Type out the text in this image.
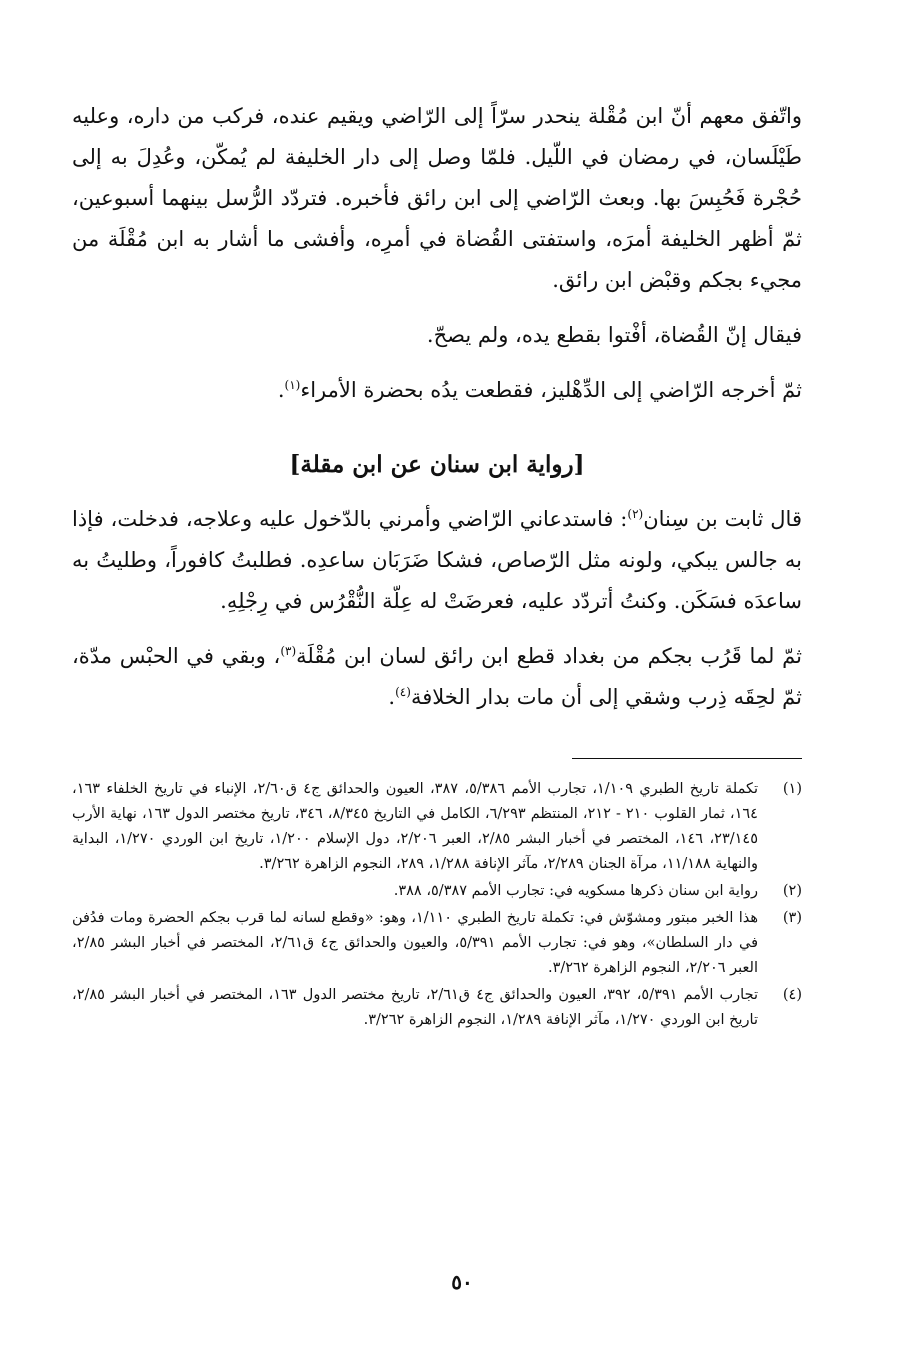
واتّفق معهم أنّ ابن مُقْلة ينحدر سرّاً إلى الرّاضي ويقيم عنده، فركب من داره، وعليه طَيْلَسان، في رمضان في اللّيل. فلمّا وصل إلى دار الخليفة لم يُمكّن، وعُدِلَ به إلى حُجْرة فَحُبِسَ بها. وبعث الرّاضي إلى ابن رائق فأخبره. فتردّد الرُّسل بينهما أسبوعين، ثمّ أظهر الخليفة أمرَه، واستفتى القُضاة في أمرِه، وأفشى ما أشار به ابن مُقْلَة من مجيء بجكم وقبْض ابن رائق.

فيقال إنّ القُضاة، أفْتوا بقطع يده، ولم يصحّ.

ثمّ أخرجه الرّاضي إلى الدِّهْليز، فقطعت يدُه بحضرة الأمراء$^{(١)}$.

[رواية ابن سنان عن ابن مقلة]

قال ثابت بن سِنان$^{(٢)}$: فاستدعاني الرّاضي وأمرني بالدّخول عليه وعلاجه، فدخلت، فإذا به جالس يبكي، ولونه مثل الرّصاص، فشكا ضَرَبَان ساعدِه. فطلبتُ كافوراً، وطليتُ به ساعدَه فسَكَن. وكنتُ أتردّد عليه، فعرضَتْ له عِلّة النُّقْرُس في رِجْلِهِ.

ثمّ لما قَرُب بجكم من بغداد قطع ابن رائق لسان ابن مُقْلَة$^{(٣)}$، وبقي في الحبْس مدّة، ثمّ لحِقَه ذِرب وشقي إلى أن مات بدار الخلافة$^{(٤)}$.

(١)
تكملة تاريخ الطبري ١/١٠٩، تجارب الأمم ٥/٣٨٦، ٣٨٧، العيون والحدائق ج٤ ق٢/٦٠، الإنباء في تاريخ الخلفاء ١٦٣، ١٦٤، ثمار القلوب ٢١٠ - ٢١٢، المنتظم ٦/٢٩٣، الكامل في التاريخ ٨/٣٤٥، ٣٤٦، تاريخ مختصر الدول ١٦٣، نهاية الأرب ٢٣/١٤٥، ١٤٦، المختصر في أخبار البشر ٢/٨٥، العبر ٢/٢٠٦، دول الإسلام ١/٢٠٠، تاريخ ابن الوردي ١/٢٧٠، البداية والنهاية ١١/١٨٨، مرآة الجنان ٢/٢٨٩، مآثر الإنافة ١/٢٨٨، ٢٨٩، النجوم الزاهرة ٣/٢٦٢.
(٢)
رواية ابن سنان ذكرها مسكويه في: تجارب الأمم ٥/٣٨٧، ٣٨٨.
(٣)
هذا الخبر مبتور ومشوّش في: تكملة تاريخ الطبري ١/١١٠، وهو: «وقطع لسانه لما قرب بجكم الحضرة ومات فدُفن في دار السلطان»، وهو في: تجارب الأمم ٥/٣٩١، والعيون والحدائق ج٤ ق٢/٦١، المختصر في أخبار البشر ٢/٨٥، العبر ٢/٢٠٦، النجوم الزاهرة ٣/٢٦٢.
(٤)
تجارب الأمم ٥/٣٩١، ٣٩٢، العيون والحدائق ج٤ ق٢/٦١، تاريخ مختصر الدول ١٦٣، المختصر في أخبار البشر ٢/٨٥، تاريخ ابن الوردي ١/٢٧٠، مآثر الإنافة ١/٢٨٩، النجوم الزاهرة ٣/٢٦٢.
٥٠
